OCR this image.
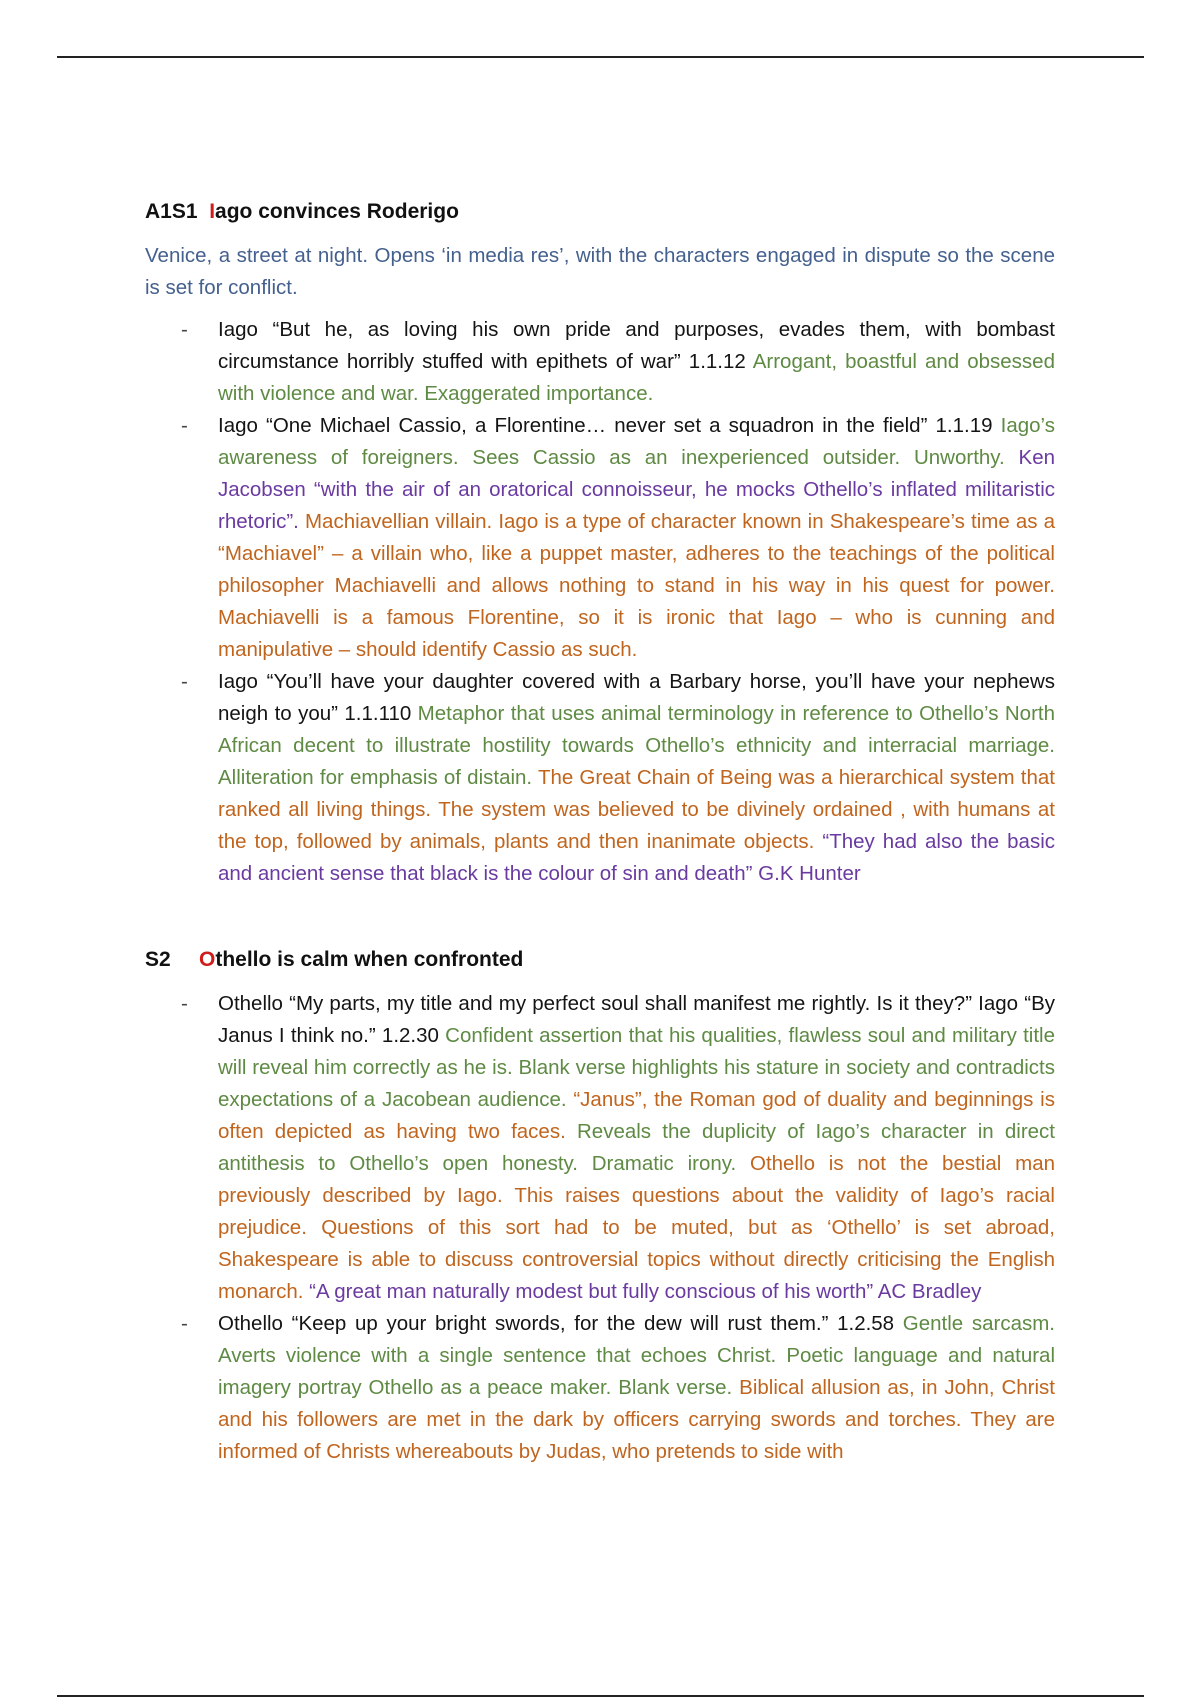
A1S1 Iago convinces Roderigo

Venice, a street at night. Opens ‘in media res’, with the characters engaged in dispute so the scene is set for conflict.

- Iago “But he, as loving his own pride and purposes, evades them, with bombast circumstance horribly stuffed with epithets of war” 1.1.12 Arrogant, boastful and obsessed with violence and war. Exaggerated importance.
- Iago “One Michael Cassio, a Florentine… never set a squadron in the field” 1.1.19 Iago’s awareness of foreigners. Sees Cassio as an inexperienced outsider. Unworthy. Ken Jacobsen “with the air of an oratorical connoisseur, he mocks Othello’s inflated militaristic rhetoric”. Machiavellian villain. Iago is a type of character known in Shakespeare’s time as a “Machiavel” – a villain who, like a puppet master, adheres to the teachings of the political philosopher Machiavelli and allows nothing to stand in his way in his quest for power. Machiavelli is a famous Florentine, so it is ironic that Iago – who is cunning and manipulative – should identify Cassio as such.
- Iago “You’ll have your daughter covered with a Barbary horse, you’ll have your nephews neigh to you” 1.1.110 Metaphor that uses animal terminology in reference to Othello’s North African decent to illustrate hostility towards Othello’s ethnicity and interracial marriage. Alliteration for emphasis of distain. The Great Chain of Being was a hierarchical system that ranked all living things. The system was believed to be divinely ordained , with humans at the top, followed by animals, plants and then inanimate objects. “They had also the basic and ancient sense that black is the colour of sin and death” G.K Hunter
S2 Othello is calm when confronted
- Othello “My parts, my title and my perfect soul shall manifest me rightly. Is it they?” Iago “By Janus I think no.” 1.2.30 Confident assertion that his qualities, flawless soul and military title will reveal him correctly as he is. Blank verse highlights his stature in society and contradicts expectations of a Jacobean audience. “Janus”, the Roman god of duality and beginnings is often depicted as having two faces. Reveals the duplicity of Iago’s character in direct antithesis to Othello’s open honesty. Dramatic irony. Othello is not the bestial man previously described by Iago. This raises questions about the validity of Iago’s racial prejudice. Questions of this sort had to be muted, but as ‘Othello’ is set abroad, Shakespeare is able to discuss controversial topics without directly criticising the English monarch. “A great man naturally modest but fully conscious of his worth” AC Bradley
- Othello “Keep up your bright swords, for the dew will rust them.” 1.2.58 Gentle sarcasm. Averts violence with a single sentence that echoes Christ. Poetic language and natural imagery portray Othello as a peace maker. Blank verse. Biblical allusion as, in John, Christ and his followers are met in the dark by officers carrying swords and torches. They are informed of Christs whereabouts by Judas, who pretends to side with
